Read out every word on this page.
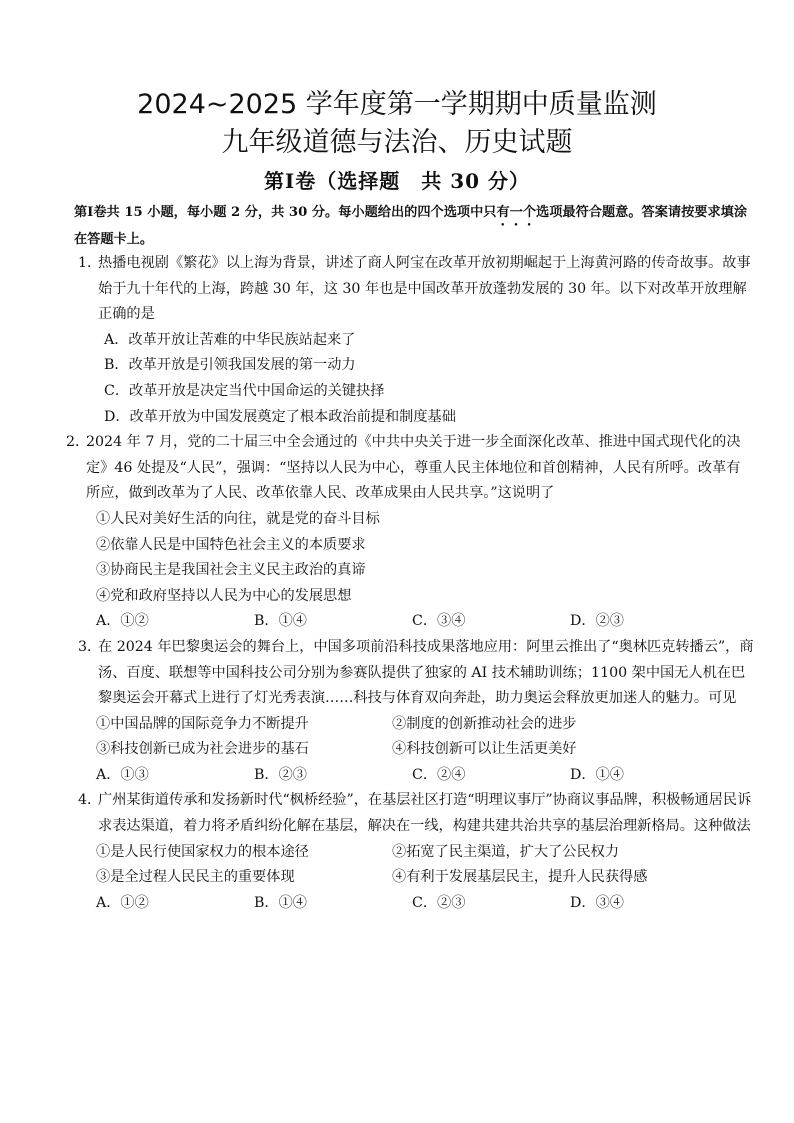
2024~2025 学年度第一学期期中质量监测
九年级道德与法治、历史试题
第Ⅰ卷（选择题　共 30 分）
第Ⅰ卷共 15 小题，每小题 2 分，共 30 分。每小题给出的四个选项中只有一个选项最符合题意。答案请按要求填涂在答题卡上。
1．热播电视剧《繁花》以上海为背景，讲述了商人阿宝在改革开放初期崛起于上海黄河路的传奇故事。故事始于九十年代的上海，跨越 30 年，这 30 年也是中国改革开放蓬勃发展的 30 年。以下对改革开放理解正确的是
A．改革开放让苦难的中华民族站起来了
B．改革开放是引领我国发展的第一动力
C．改革开放是决定当代中国命运的关键抉择
D．改革开放为中国发展奠定了根本政治前提和制度基础
2．2024 年 7 月，党的二十届三中全会通过的《中共中央关于进一步全面深化改革、推进中国式现代化的决定》46 处提及“人民”，强调：“坚持以人民为中心，尊重人民主体地位和首创精神，人民有所呼。改革有所应，做到改革为了人民、改革依靠人民、改革成果由人民共享。”这说明了
①人民对美好生活的向往，就是党的奋斗目标
②依靠人民是中国特色社会主义的本质要求
③协商民主是我国社会主义民主政治的真谛
④党和政府坚持以人民为中心的发展思想
A．①②	B．①④	C．③④	D．②③
3．在 2024 年巴黎奥运会的舞台上，中国多项前沿科技成果落地应用：阿里云推出了“奥林匹克转播云”，商汤、百度、联想等中国科技公司分别为参赛队提供了独家的 AI 技术辅助训练；1100 架中国无人机在巴黎奥运会开幕式上进行了灯光秀表演……科技与体育双向奔赴，助力奥运会释放更加迷人的魅力。可见
①中国品牌的国际竞争力不断提升	②制度的创新推动社会的进步
③科技创新已成为社会进步的基石	④科技创新可以让生活更美好
A．①③	B．②③	C．②④	D．①④
4．广州某街道传承和发扬新时代“枫桥经验”，在基层社区打造“明理议事厅”协商议事品牌，积极畅通居民诉求表达渠道，着力将矛盾纠纷化解在基层，解决在一线，构建共建共治共享的基层治理新格局。这种做法
①是人民行使国家权力的根本途径	②拓宽了民主渠道，扩大了公民权力
③是全过程人民民主的重要体现	④有利于发展基层民主，提升人民获得感
A．①②	B．①④	C．②③	D．③④
